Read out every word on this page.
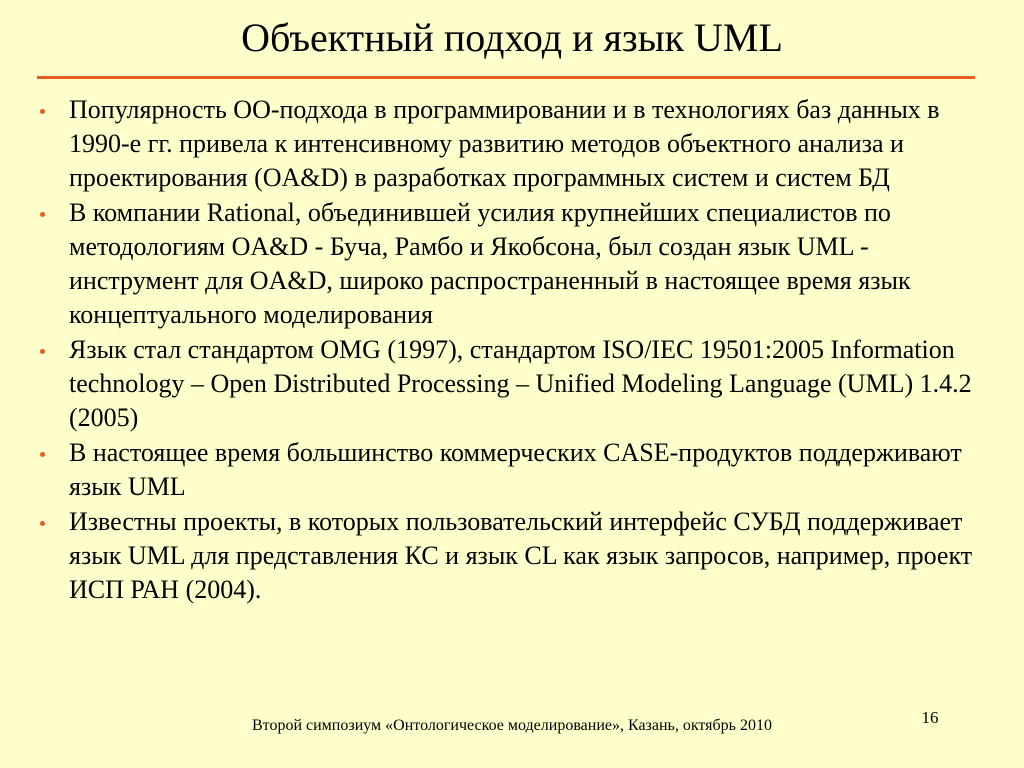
Объектный подход и язык UML
Популярность ОО-подхода в программировании и в технологиях баз данных в 1990-е гг. привела к интенсивному развитию методов объектного анализа и проектирования (OA&D) в разработках программных систем и систем БД
В компании Rational, объединившей усилия крупнейших специалистов по методологиям OA&D - Буча, Рамбо и Якобсона, был создан язык UML - инструмент для OA&D, широко распространенный в настоящее время язык концептуального моделирования
Язык стал стандартом OMG (1997), стандартом ISO/IEC 19501:2005 Information technology – Open Distributed Processing – Unified Modeling Language (UML) 1.4.2 (2005)
В настоящее время большинство коммерческих CASE-продуктов поддерживают язык UML
Известны проекты, в которых пользовательский интерфейс СУБД поддерживает язык UML для представления КС и язык CL как язык запросов, например, проект ИСП РАН (2004).
Второй симпозиум «Онтологическое моделирование», Казань, октябрь 2010	16
